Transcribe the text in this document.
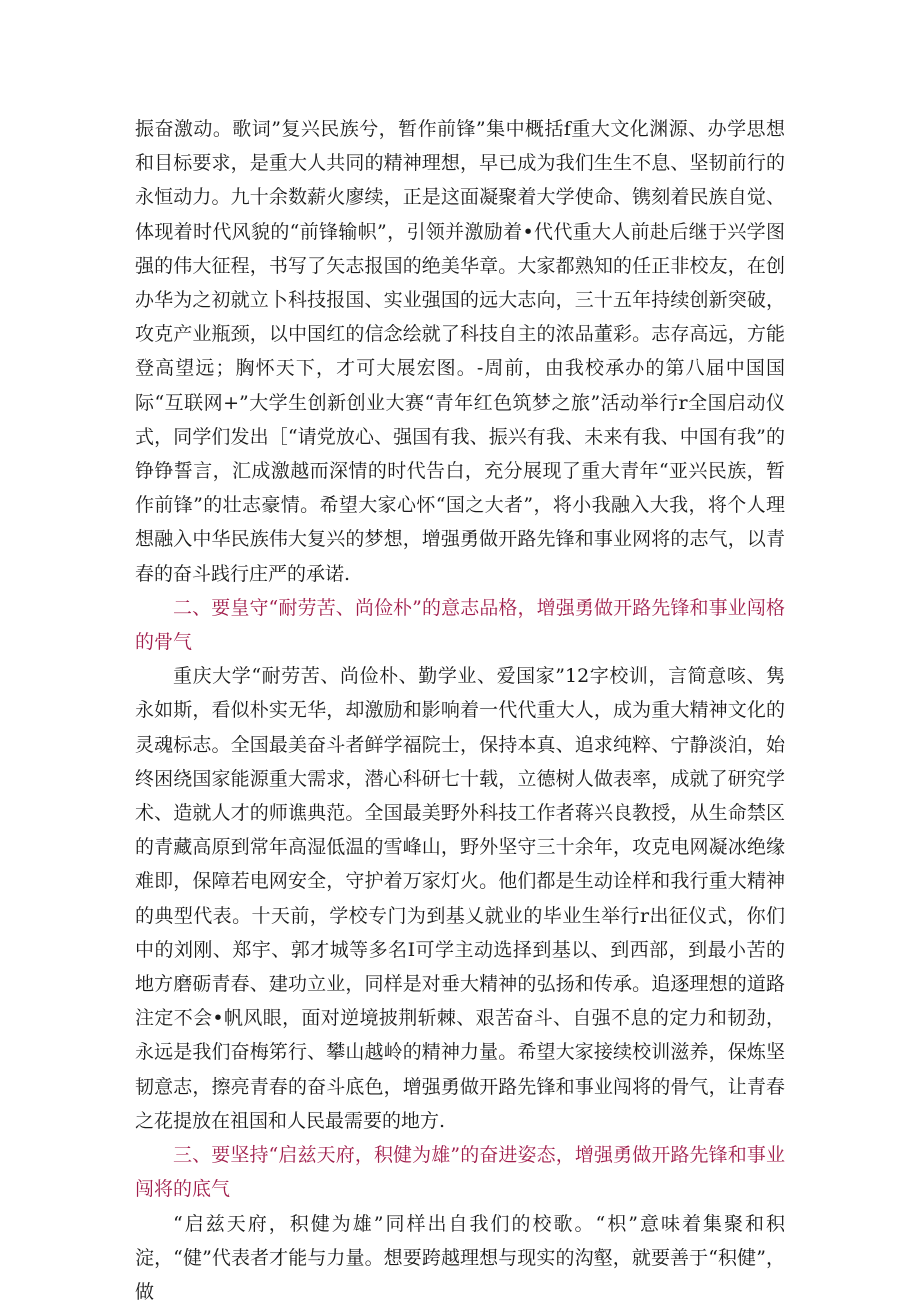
振奋激动。歌词”复兴民族兮，暂作前锋”集中概括f重大文化渊源、办学思想和目标要求，是重大人共同的精神理想，早已成为我们生生不息、坚韧前行的永恒动力。九十余数薪火廖续，正是这面凝聚着大学使命、镌刻着民族自觉、体现着时代风貌的“前锋输帜”，引领并激励着•代代重大人前赴后继于兴学图强的伟大征程，书写了矢志报国的绝美华章。大家都熟知的任正非校友，在创办华为之初就立卜科技报国、实业强国的远大志向，三十五年持续创新突破，攻克产业瓶颈，以中国红的信念绘就了科技自主的浓品董彩。志存高远，方能登高望远；胸怀天下，才可大展宏图。-周前，由我校承办的第八届中国国际“互联网+”大学生创新创业大赛“青年红色筑梦之旅”活动举行r全国启动仪式，同学们发出［“请党放心、强国有我、振兴有我、未来有我、中国有我”的铮铮誓言，汇成激越而深情的时代告白，充分展现了重大青年“亚兴民族，暂作前锋”的壮志豪情。希望大家心怀“国之大者”，将小我融入大我，将个人理想融入中华民族伟大复兴的梦想，增强勇做开路先锋和事业网将的志气，以青春的奋斗践行庄严的承诺.

二、要皇守“耐劳苦、尚俭朴”的意志品格，增强勇做开路先锋和事业闯格的骨气

重庆大学“耐劳苦、尚俭朴、勤学业、爱国家”12字校训，言简意咳、隽永如斯，看似朴实无华，却激励和影响着一代代重大人，成为重大精神文化的灵魂标志。全国最美奋斗者鲜学福院士，保持本真、追求纯粹、宁静淡泊，始终困绕国家能源重大需求，潜心科研七十载，立德树人做表率，成就了研究学术、造就人才的师谯典范。全国最美野外科技工作者蒋兴良教授，从生命禁区的青藏高原到常年高湿低温的雪峰山，野外坚守三十余年，攻克电网凝冰绝缘难即，保障若电网安全，守护着万家灯火。他们都是生动诠样和我行重大精神的典型代表。十天前，学校专门为到基乂就业的毕业生举行r出征仪式，你们中的刘刚、郑宇、郭才城等多名I可学主动选择到基以、到西部，到最小苦的地方磨砺青春、建功立业，同样是对垂大精神的弘扬和传承。追逐理想的道路注定不会•帆风眼，面对逆境披荆斩棘、艰苦奋斗、自强不息的定力和韧劲，永远是我们奋梅笫行、攀山越岭的精神力量。希望大家接续校训滋养，保炼坚韧意志，擦亮青春的奋斗底色，增强勇做开路先锋和事业闯将的骨气，让青春之花提放在祖国和人民最需要的地方.

三、要坚持“启兹天府，积健为雄”的奋进姿态，增强勇做开路先锋和事业闯将的底气

“启兹天府，积健为雄”同样出自我们的校歌。“枳”意味着集聚和积淀，“健”代表者才能与力量。想要跨越理想与现实的沟壑，就要善于“积健”，做
